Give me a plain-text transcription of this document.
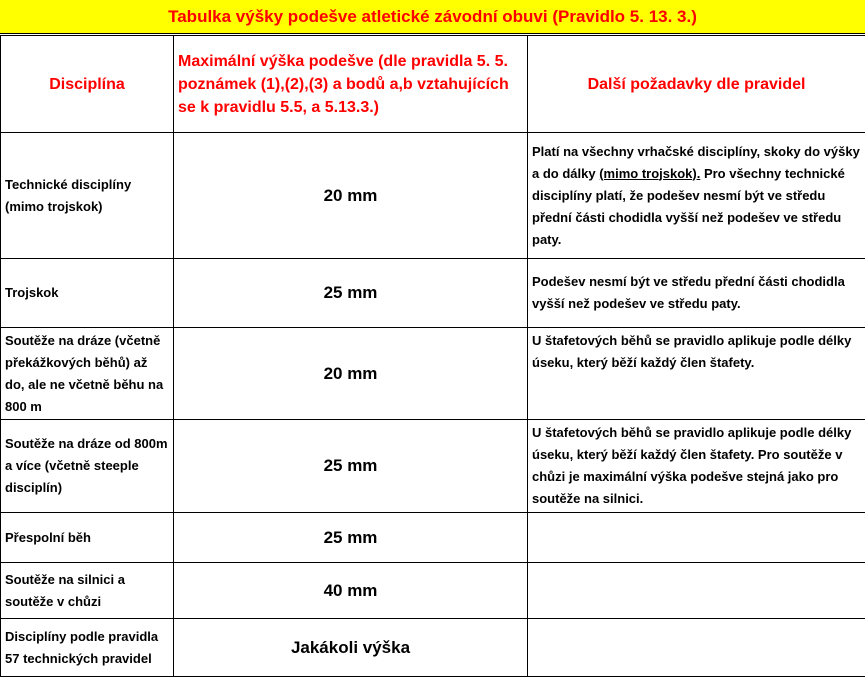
Tabulka výšky podešve atletické závodní obuvi (Pravidlo 5. 13. 3.)
Disciplína	Maximální výška podešve (dle pravidla 5. 5. poznámek (1),(2),(3) a bodů a,b vztahujících se k pravidlu 5.5, a 5.13.3.)	Další požadavky dle pravidel
Technické disciplíny (mimo trojskok)	20 mm	Platí na všechny vrhačské disciplíny, skoky do výšky a do dálky (mimo trojskok). Pro všechny technické disciplíny platí, že podešev nesmí být ve středu přední části chodidla vyšší než podešev ve středu paty.
Trojskok	25 mm	Podešev nesmí být ve středu přední části chodidla vyšší než podešev ve středu paty.
Soutěže na dráze (včetně překážkových běhů) až do, ale ne včetně běhu na 800 m	20 mm	U štafetových běhů se pravidlo aplikuje podle délky úseku, který běží každý člen štafety.
Soutěže na dráze od 800m a více (včetně steeple disciplín)	25 mm	U štafetových běhů se pravidlo aplikuje podle délky úseku, který běží každý člen štafety. Pro soutěže v chůzi je maximální výška podešve stejná jako pro soutěže na silnici.
Přespolní běh	25 mm	
Soutěže na silnici a soutěže v chůzi	40 mm	
Disciplíny podle pravidla 57 technických pravidel	Jakákoli výška	
